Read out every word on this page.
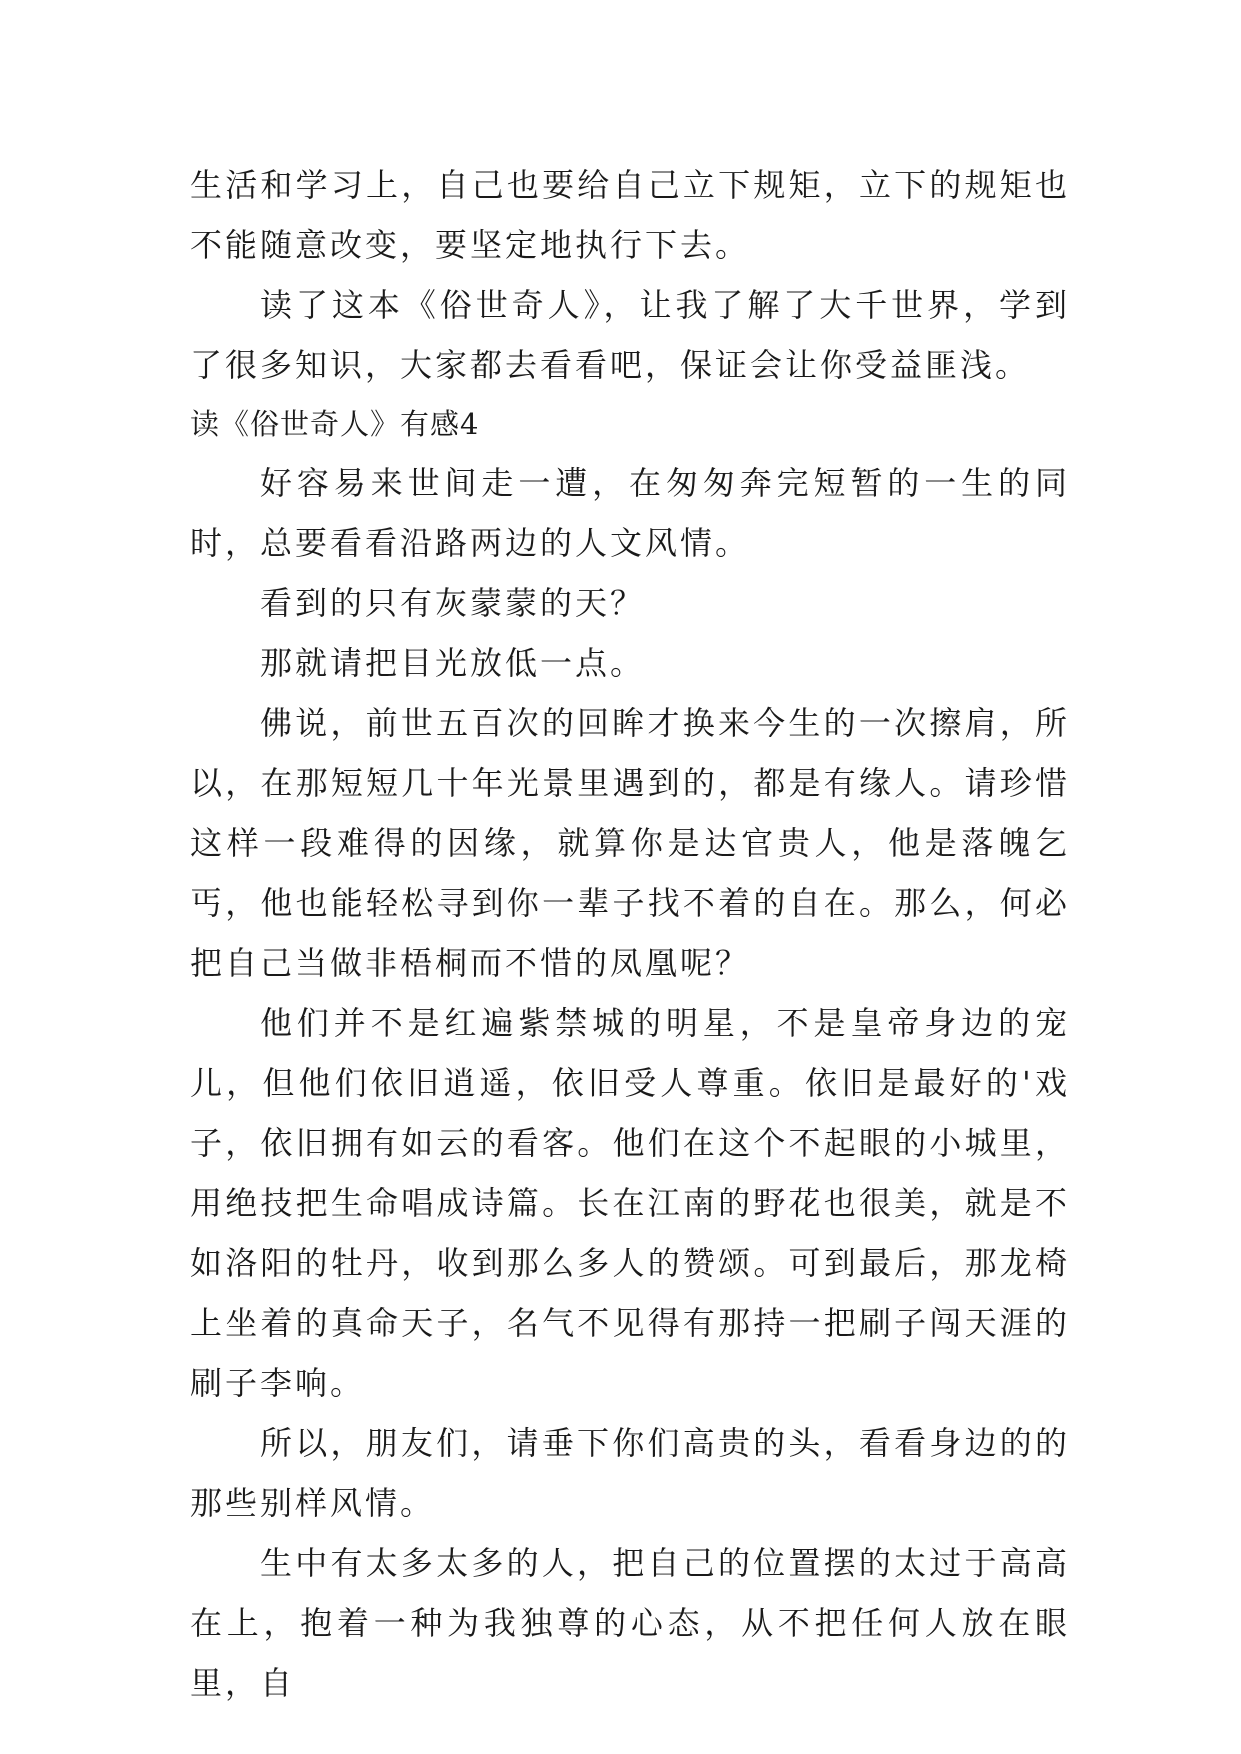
生活和学习上，自己也要给自己立下规矩，立下的规矩也不能随意改变，要坚定地执行下去。

读了这本《俗世奇人》，让我了解了大千世界，学到了很多知识，大家都去看看吧，保证会让你受益匪浅。

读《俗世奇人》有感4

好容易来世间走一遭，在匆匆奔完短暂的一生的同时，总要看看沿路两边的人文风情。

看到的只有灰蒙蒙的天？

那就请把目光放低一点。

佛说，前世五百次的回眸才换来今生的一次擦肩，所以，在那短短几十年光景里遇到的，都是有缘人。请珍惜这样一段难得的因缘，就算你是达官贵人，他是落魄乞丐，他也能轻松寻到你一辈子找不着的自在。那么，何必把自己当做非梧桐而不惜的凤凰呢？

他们并不是红遍紫禁城的明星，不是皇帝身边的宠儿，但他们依旧逍遥，依旧受人尊重。依旧是最好的'戏子，依旧拥有如云的看客。他们在这个不起眼的小城里，用绝技把生命唱成诗篇。长在江南的野花也很美，就是不如洛阳的牡丹，收到那么多人的赞颂。可到最后，那龙椅上坐着的真命天子，名气不见得有那持一把刷子闯天涯的刷子李响。

所以，朋友们，请垂下你们高贵的头，看看身边的的那些别样风情。

生中有太多太多的人，把自己的位置摆的太过于高高在上，抱着一种为我独尊的心态，从不把任何人放在眼里，自
